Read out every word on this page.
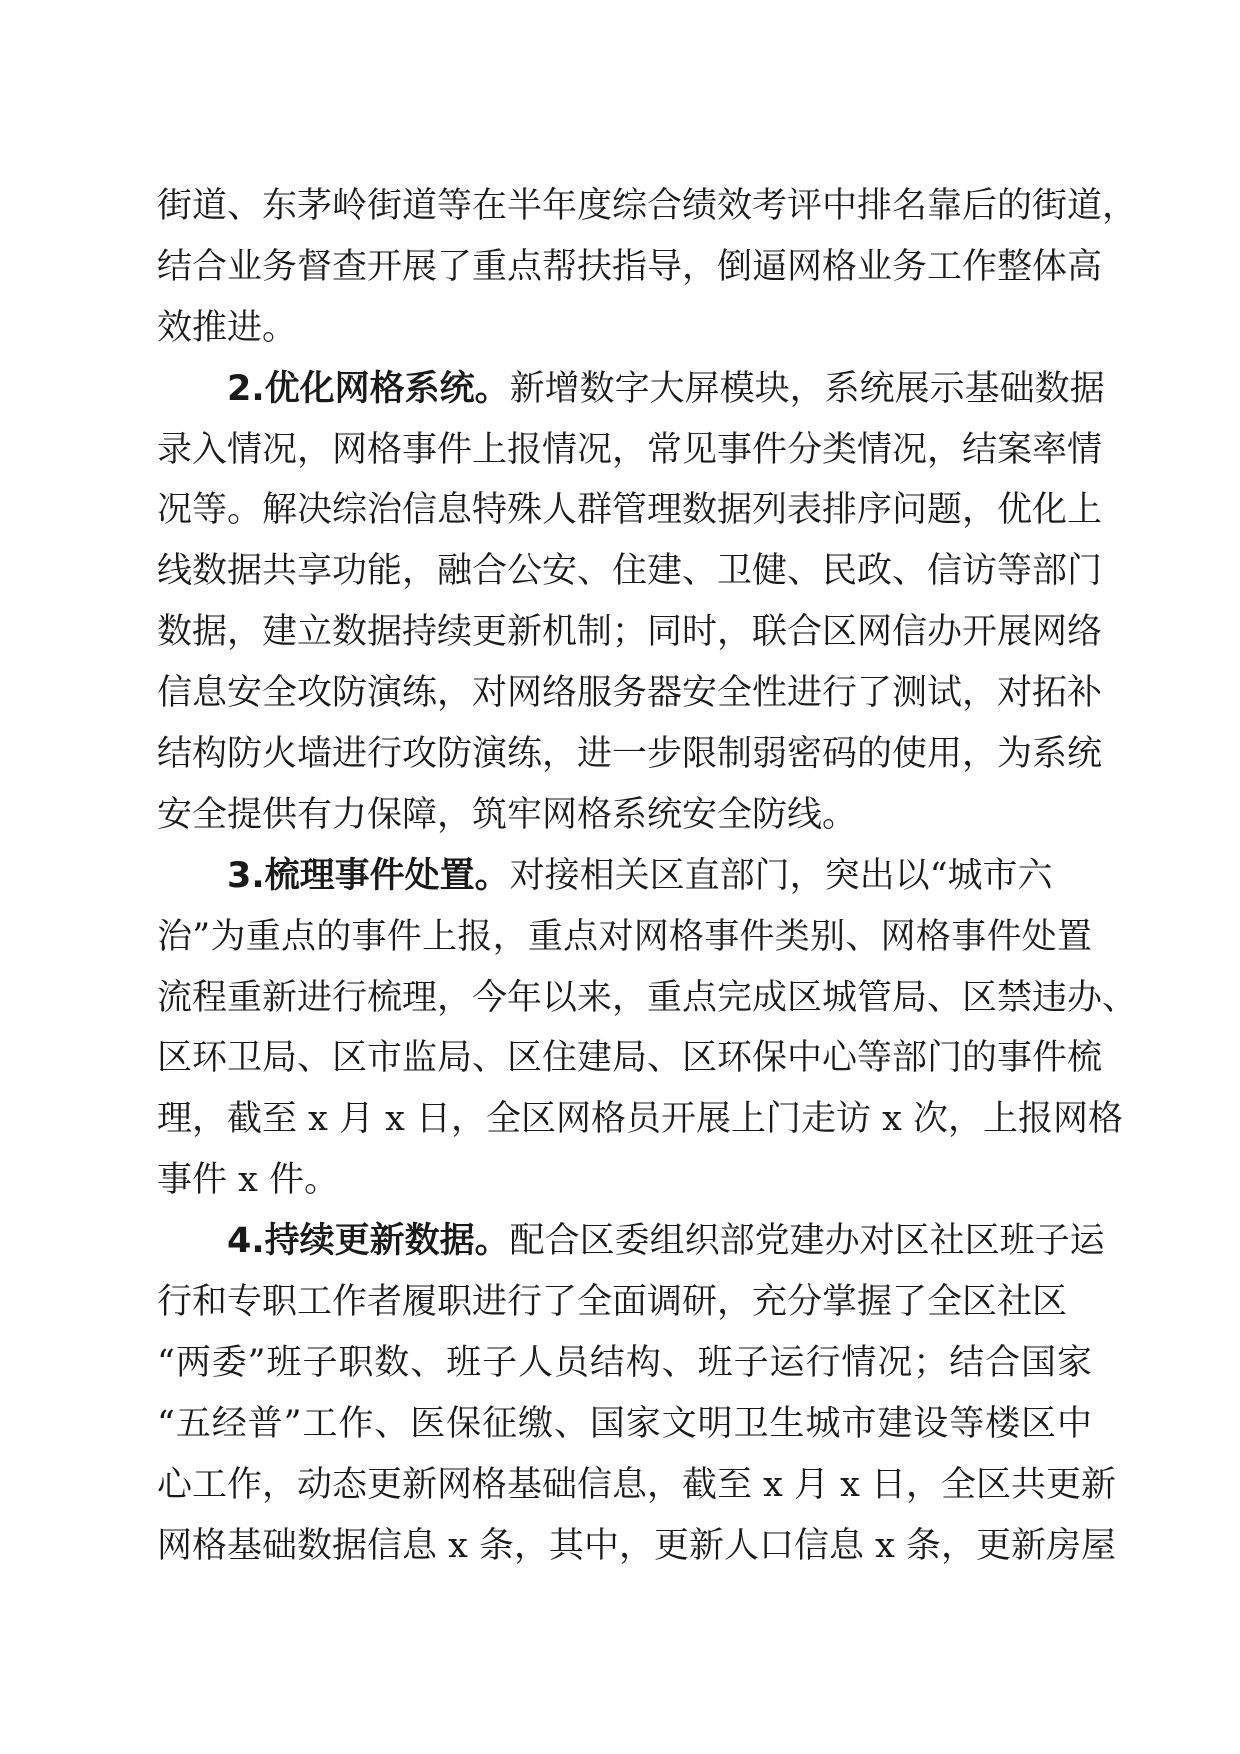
街道、东茅岭街道等在半年度综合绩效考评中排名靠后的街道，
结合业务督查开展了重点帮扶指导，倒逼网格业务工作整体高
效推进。
2.优化网格系统。新增数字大屏模块，系统展示基础数据
录入情况，网格事件上报情况，常见事件分类情况，结案率情
况等。解决综治信息特殊人群管理数据列表排序问题，优化上
线数据共享功能，融合公安、住建、卫健、民政、信访等部门
数据，建立数据持续更新机制；同时，联合区网信办开展网络
信息安全攻防演练，对网络服务器安全性进行了测试，对拓补
结构防火墙进行攻防演练，进一步限制弱密码的使用，为系统
安全提供有力保障，筑牢网格系统安全防线。
3.梳理事件处置。对接相关区直部门，突出以“城市六
治”为重点的事件上报，重点对网格事件类别、网格事件处置
流程重新进行梳理，今年以来，重点完成区城管局、区禁违办、
区环卫局、区市监局、区住建局、区环保中心等部门的事件梳
理，截至 x 月 x 日，全区网格员开展上门走访 x 次，上报网格
事件 x 件。
4.持续更新数据。配合区委组织部党建办对区社区班子运
行和专职工作者履职进行了全面调研，充分掌握了全区社区
“两委”班子职数、班子人员结构、班子运行情况；结合国家
“五经普”工作、医保征缴、国家文明卫生城市建设等楼区中
心工作，动态更新网格基础信息，截至 x 月 x 日，全区共更新
网格基础数据信息 x 条，其中，更新人口信息 x 条，更新房屋
